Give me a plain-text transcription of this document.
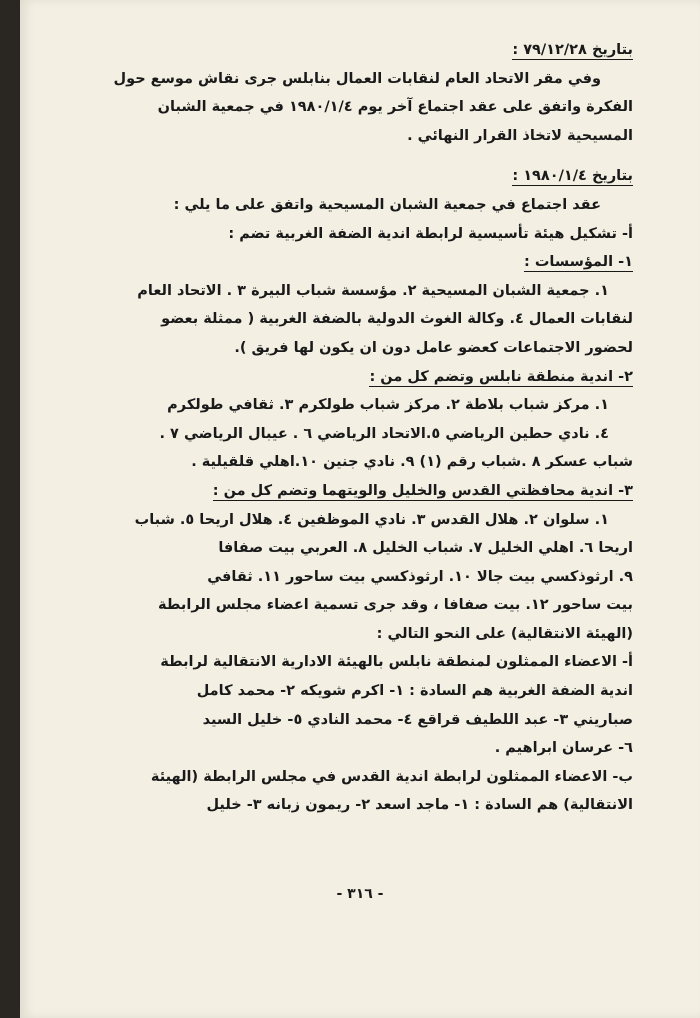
بتاريخ ٧٩/١٢/٢٨ :
وفي مقر الاتحاد العام لنقابات العمال بنابلس جرى نقاش موسع حول
الفكرة واتفق على عقد اجتماع آخر يوم ١٩٨٠/١/٤ في جمعية الشبان
المسيحية لاتخاذ القرار النهائي .
بتاريخ ١٩٨٠/١/٤ :
عقد اجتماع في جمعية الشبان المسيحية واتفق على ما يلي :
أ- تشكيل هيئة تأسيسية لرابطة اندية الضفة الغربية تضم :
١- المؤسسات :
١. جمعية الشبان المسيحية ٢. مؤسسة شباب البيرة ٣ . الاتحاد العام
لنقابات العمال ٤. وكالة الغوث الدولية بالضفة الغربية ( ممثلة بعضو
لحضور الاجتماعات كعضو عامل دون ان يكون لها فريق ).
٢- اندية منطقة نابلس وتضم كل من :
١. مركز شباب بلاطة ٢. مركز شباب طولكرم ٣. ثقافي طولكرم
٤. نادي حطين الرياضي ٥.الاتحاد الرياضي ٦ . عيبال الرياضي ٧ .
شباب عسكر ٨ .شباب رقم (١) ٩. نادي جنين ١٠.اهلي قلقيلية .
٣- اندية محافظتي القدس والخليل والويتهما وتضم كل من :
١. سلوان ٢. هلال القدس ٣. نادي الموظفين ٤. هلال اريحا ٥. شباب
اريحا ٦. اهلي الخليل ٧. شباب الخليل ٨. العربي بيت صفافا
٩. ارثوذكسي بيت جالا ١٠. ارثوذكسي بيت ساحور ١١. ثقافي
بيت ساحور ١٢. بيت صفافا ، وقد جرى تسمية اعضاء مجلس الرابطة
(الهيئة الانتقالية) على النحو التالي :
أ- الاعضاء الممثلون لمنطقة نابلس بالهيئة الادارية الانتقالية لرابطة
اندية الضفة الغربية هم السادة : ١- اكرم شويكه ٢- محمد كامل
صباريني ٣- عبد اللطيف قراقع ٤- محمد النادي ٥- خليل السيد
٦- عرسان ابراهيم .
ب- الاعضاء الممثلون لرابطة اندية القدس في مجلس الرابطة (الهيئة
الانتقالية) هم السادة : ١- ماجد اسعد ٢- ريمون زبانه ٣- خليل
- ٣١٦ -
